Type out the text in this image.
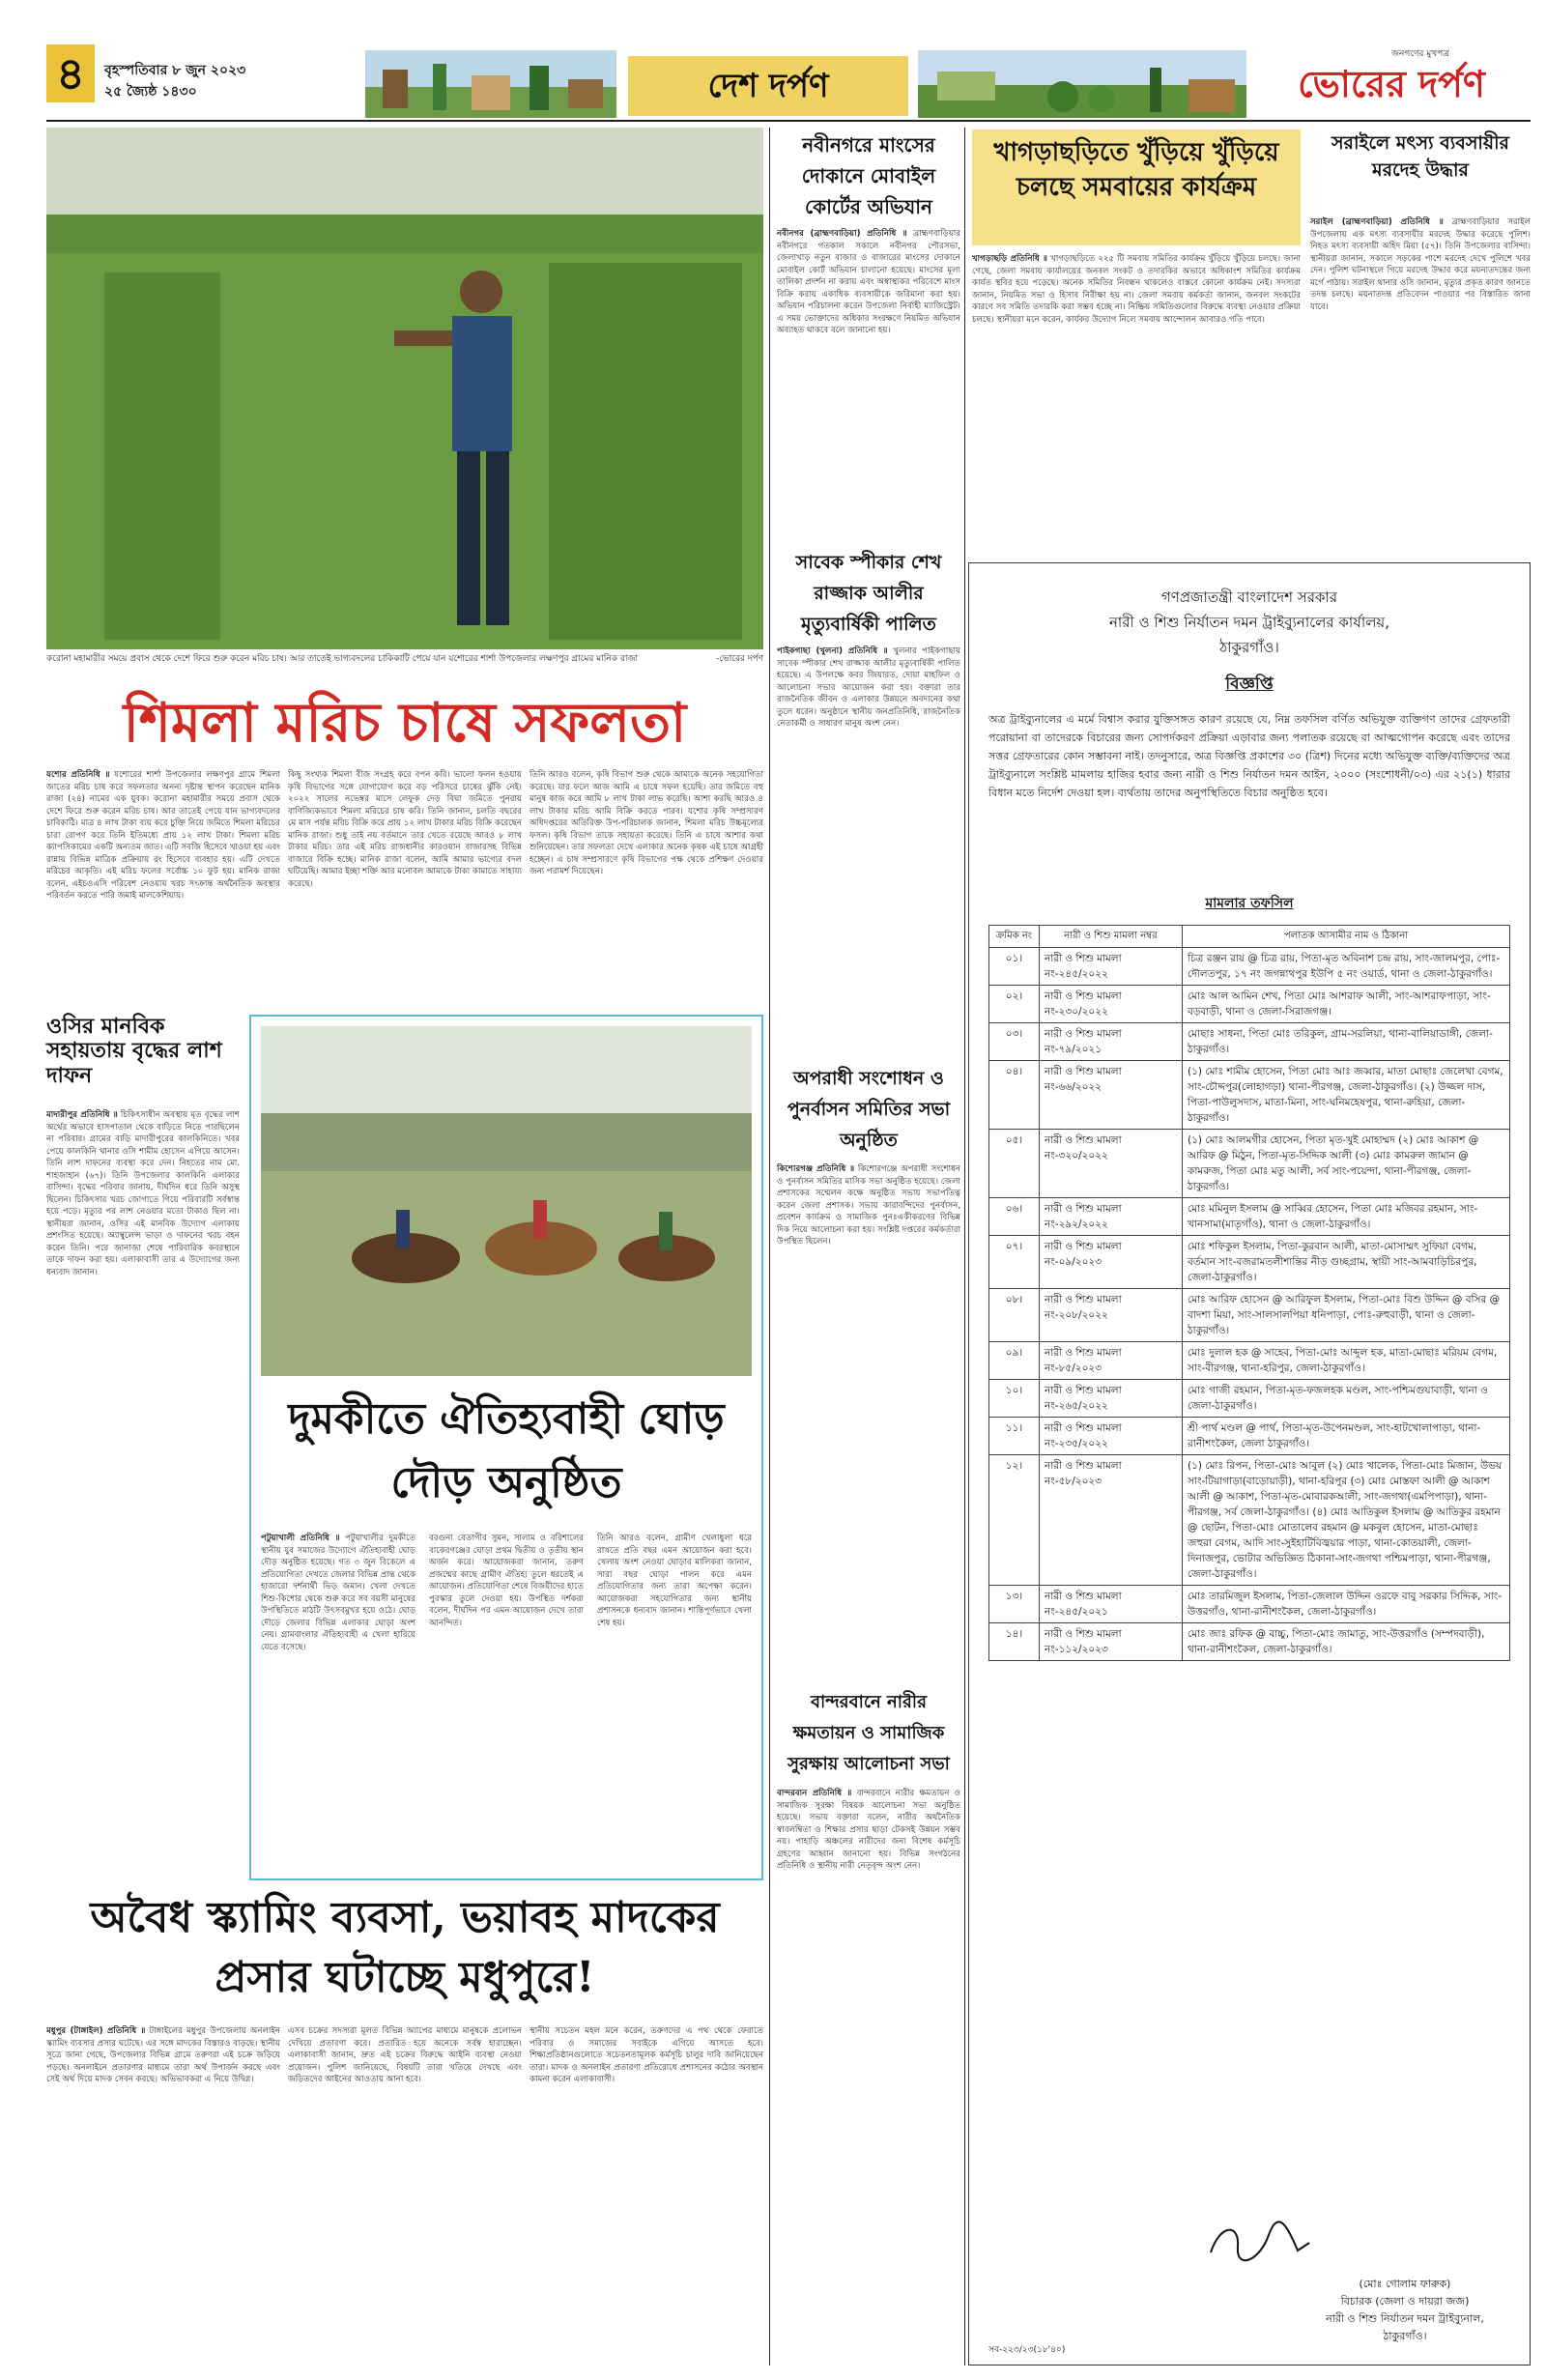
৪	বৃহস্পতিবার ৮ জুন ২০২৩
২৫ জ্যৈষ্ঠ ১৪৩০	দেশ দর্পণ
জনগণের মুখপত্র
ভোরের দর্পণ
করোনা মহামারীর সময়ে প্রবাস থেকে দেশে ফিরে শুরু করেন মরিচ চাষ। আর তাতেই ভাগ্যবদলের চাকিকাটি পেয়ে যান যশোরের শার্শা উপজেলার লক্ষণপুর গ্রামের মানিক রাজা	-ভোরের দর্পণ
শিমলা মরিচ চাষে সফলতা
যশোর প্রতিনিধি ॥ যশোরের শার্শা উপজেলার লক্ষণপুর গ্রামে শিমলা জাতের মরিচ চাষ করে সফলতার অনন্য দৃষ্টান্ত স্থাপন করেছেন মানিক রাজা (২৪) নামের এক যুবক। করোনা মহামারীর সময়ে প্রবাস থেকে দেশে ফিরে শুরু করেন মরিচ চাষ। আর তাতেই পেয়ে যান ভাগ্যবদলের চাবিকাঠি। মাত্র ৪ লাখ টাকা ব্যয় করে চুক্তি নিয়ে জমিতে শিমলা মরিচের চারা রোপণ করে তিনি ইতিমধ্যে প্রায় ১২ লাখ টাকা। শিমলা মরিচ ক্যাপসিকামের একটি অন্যতম জাত। এটি সবজি হিসেবে খাওয়া হয় এবং রান্নায় বিভিন্ন মাত্রিক প্রক্রিয়ায় রং হিসেবে ব্যবহার হয়। এটি দেখতে মরিচের আকৃতি। এই মরিচ ফলের সর্বোচ্চ ১০ ফুট হয়। মানিক রাজা বলেন, এইচওএসি পরিবেশ নেওয়ায় খরচ সংক্রান্ত অর্থনৈতিক অবস্থার পরিবর্তন করতে পারি জমাই মালকেশিয়ায়।
কিছু সংখ্যক শিমলা বীজ সংগ্রহ করে বপন করি। ভালো ফলন হওয়ায় কৃষি বিভাগের সঙ্গে যোগাযোগ করে বড় পরিসরে চাষের ঝুঁকি নেই। ২০২২ সালের নভেম্বর মাসে লেফুক দেড় বিঘা জমিতে পুনরায় বাণিজ্যিকভাবে শিমলা মরিচের চাষ করি। তিনি জানান, চলতি বছরের মে মাস পর্যন্ত মরিচ বিক্রি করে প্রায় ১২ লাখ টাকার মরিচ বিক্রি করেছেন মানিক রাজা। শুধু তাই নয় বর্তমানে তার খেতে রয়েছে আরও ৮ লাখ টাকার মরিচ। তার এই মরিচ রাজধানীর কারওয়ান বাজারসহ বিভিন্ন বাজারে বিক্রি হচ্ছে। মানিক রাজা বলেন, আমি আমার ভাগ্যের বদল ঘটিয়েছি। আমার ইচ্ছা শক্তি আর মনোবল আমাকে টাকা কামাতে সাহায্য করেছে।
তিনি আরও বলেন, কৃষি বিভাগ শুরু থেকে আমাকে অনেক সহযোগিতা করেছে। যার ফলে আজ আমি এ চাষে সফল হয়েছি। তার জমিতে বহু মানুষ কাজ করে আমি ৮ লাখ টাকা লাভ করেছি। আশা করছি আরও ৪ লাখ টাকার মরিচ আমি বিক্রি করতে পারব। যশোর কৃষি সম্প্রসারণ অধিদপ্তরের অতিরিক্ত উপ-পরিচালক জানান, শিমলা মরিচ উচ্চমূল্যের ফসল। কৃষি বিভাগ তাকে সহায়তা করেছে। তিনি এ চাষে আশার কথা শুনিয়েছেন। তার সফলতা দেখে এলাকার অনেক কৃষক এই চাষে আগ্রহী হচ্ছেন। এ চাষ সম্প্রসারণে কৃষি বিভাগের পক্ষ থেকে প্রশিক্ষণ দেওয়ার জন্য পরামর্শ দিয়েছেন।
ওসির মানবিক সহায়তায় বৃদ্ধের লাশ দাফন
মাদারীপুর প্রতিনিধি ॥ চিকিৎসাধীন অবস্থায় মৃত বৃদ্ধের লাশ অর্থের অভাবে হাসপাতাল থেকে বাড়িতে নিতে পারছিলেন না পরিবার। গ্রামের বাড়ি মাদারীপুরের কালকিনিতে। খবর পেয়ে কালকিনি থানার ওসি শামীম হোসেন এগিয়ে আসেন। তিনি লাশ দাফনের ব্যবস্থা করে দেন। নিহতের নাম মো. শাহজাহান (৬৭)। তিনি উপজেলার কালকিনি এলাকার বাসিন্দা। বৃদ্ধের পরিবার জানায়, দীর্ঘদিন ধরে তিনি অসুস্থ ছিলেন। চিকিৎসার খরচ জোগাতে গিয়ে পরিবারটি সর্বস্বান্ত হয়ে পড়ে। মৃত্যুর পর লাশ নেওয়ার মতো টাকাও ছিল না। স্থানীয়রা জানান, ওসির এই মানবিক উদ্যোগ এলাকায় প্রশংসিত হয়েছে। অ্যাম্বুলেন্স ভাড়া ও দাফনের খরচ বহন করেন তিনি। পরে জানাজা শেষে পারিবারিক কবরস্থানে তাকে দাফন করা হয়। এলাকাবাসী তার এ উদ্যোগের জন্য ধন্যবাদ জানান।
দুমকীতে ঐতিহ্যবাহী ঘোড় দৌড় অনুষ্ঠিত
পটুয়াখালী প্রতিনিধি ॥ পটুয়াখালীর দুমকীতে স্থানীয় যুব সমাজের উদ্যোগে ঐতিহ্যবাহী ঘোড় দৌড় অনুষ্ঠিত হয়েছে। গত ৩ জুন বিকেলে এ প্রতিযোগিতা দেখতে জেলার বিভিন্ন প্রান্ত থেকে হাজারো দর্শনার্থী ভিড় জমান। খেলা দেখতে শিশু-কিশোর থেকে শুরু করে সব বয়সী মানুষের উপস্থিতিতে মাঠটি উৎসবমুখর হয়ে ওঠে। ঘোড় দৌড়ে জেলার বিভিন্ন এলাকার ঘোড়া অংশ নেয়। গ্রামবাংলার ঐতিহ্যবাহী এ খেলা হারিয়ে যেতে বসেছে।
বরগুনা বেতাগীর সুমন, সালাম ও বরিশালের বাকেরগঞ্জের ঘোড়া প্রথম দ্বিতীয় ও তৃতীয় স্থান অর্জন করে। আয়োজকরা জানান, তরুণ প্রজন্মের কাছে গ্রামীণ ঐতিহ্য তুলে ধরতেই এ আয়োজন। প্রতিযোগিতা শেষে বিজয়ীদের হাতে পুরস্কার তুলে দেওয়া হয়। উপস্থিত দর্শকরা বলেন, দীর্ঘদিন পর এমন আয়োজন দেখে তারা আনন্দিত।
তিনি আরও বলেন, গ্রামীণ খেলাধুলা ধরে রাখতে প্রতি বছর এমন আয়োজন করা হবে। খেলায় অংশ নেওয়া ঘোড়ার মালিকরা জানান, সারা বছর ঘোড়া পালন করে এমন প্রতিযোগিতার জন্য তারা অপেক্ষা করেন। আয়োজকরা সহযোগিতার জন্য স্থানীয় প্রশাসনকে ধন্যবাদ জানান। শান্তিপূর্ণভাবে খেলা শেষ হয়।
অবৈধ স্ক্যামিং ব্যবসা, ভয়াবহ মাদকের প্রসার ঘটাচ্ছে মধুপুরে!
মধুপুর (টাঙ্গাইল) প্রতিনিধি ॥ টাঙ্গাইলের মধুপুর উপজেলায় অনলাইন স্ক্যামিং ব্যবসার প্রসার ঘটেছে। এর সঙ্গে মাদকের বিস্তারও বাড়ছে। স্থানীয় সূত্রে জানা গেছে, উপজেলার বিভিন্ন গ্রামে তরুণরা এই চক্রে জড়িয়ে পড়ছে। অনলাইনে প্রতারণার মাধ্যমে তারা অর্থ উপার্জন করছে এবং সেই অর্থ দিয়ে মাদক সেবন করছে। অভিভাবকরা এ নিয়ে উদ্বিগ্ন।
এসব চক্রের সদস্যরা মূলত বিভিন্ন অ্যাপের মাধ্যমে মানুষকে প্রলোভন দেখিয়ে প্রতারণা করে। প্রতারিত হয়ে অনেকে সর্বস্ব হারাচ্ছেন। এলাকাবাসী জানান, দ্রুত এই চক্রের বিরুদ্ধে আইনি ব্যবস্থা নেওয়া প্রয়োজন। পুলিশ জানিয়েছে, বিষয়টি তারা খতিয়ে দেখছে এবং জড়িতদের আইনের আওতায় আনা হবে।
স্থানীয় সচেতন মহল মনে করেন, তরুণদের এ পথ থেকে ফেরাতে পরিবার ও সমাজের সবাইকে এগিয়ে আসতে হবে। শিক্ষাপ্রতিষ্ঠানগুলোতে সচেতনতামূলক কর্মসূচি চালুর দাবি জানিয়েছেন তারা। মাদক ও অনলাইন প্রতারণা প্রতিরোধে প্রশাসনের কঠোর অবস্থান কামনা করেন এলাকাবাসী।
নবীনগরে মাংসের দোকানে মোবাইল কোর্টের অভিযান
নবীনগর (ব্রাহ্মণবাড়িয়া) প্রতিনিধি ॥ ব্রাহ্মণবাড়িয়ার নবীনগরে গতকাল সকালে নবীনগর পৌরসভা, জেলাখাড় নতুন বাজার ও বাজারের মাংসের দোকানে মোবাইল কোর্ট অভিযান চালানো হয়েছে। মাংসের মূল্য তালিকা প্রদর্শন না করায় এবং অস্বাস্থ্যকর পরিবেশে মাংস বিক্রি করায় একাধিক ব্যবসায়ীকে জরিমানা করা হয়। অভিযান পরিচালনা করেন উপজেলা নির্বাহী ম্যাজিস্ট্রেট। এ সময় ভোক্তাদের অধিকার সংরক্ষণে নিয়মিত অভিযান অব্যাহত থাকবে বলে জানানো হয়।
সাবেক স্পীকার শেখ রাজ্জাক আলীর মৃত্যুবার্ষিকী পালিত
পাইকগাছা (খুলনা) প্রতিনিধি ॥ খুলনার পাইকগাছায় সাবেক স্পীকার শেখ রাজ্জাক আলীর মৃত্যুবার্ষিকী পালিত হয়েছে। এ উপলক্ষে কবর জিয়ারত, দোয়া মাহফিল ও আলোচনা সভার আয়োজন করা হয়। বক্তারা তার রাজনৈতিক জীবন ও এলাকার উন্নয়নে অবদানের কথা তুলে ধরেন। অনুষ্ঠানে স্থানীয় জনপ্রতিনিধি, রাজনৈতিক নেতাকর্মী ও সাধারণ মানুষ অংশ নেন।
অপরাধী সংশোধন ও পুনর্বাসন সমিতির সভা অনুষ্ঠিত
কিশোরগঞ্জ প্রতিনিধি ॥ কিশোরগঞ্জে অপরাধী সংশোধন ও পুনর্বাসন সমিতির মাসিক সভা অনুষ্ঠিত হয়েছে। জেলা প্রশাসকের সম্মেলন কক্ষে অনুষ্ঠিত সভায় সভাপতিত্ব করেন জেলা প্রশাসক। সভায় কারাবন্দিদের পুনর্বাসন, প্রবেশন কার্যক্রম ও সামাজিক পুনঃএকীকরণের বিভিন্ন দিক নিয়ে আলোচনা করা হয়। সংশ্লিষ্ট দপ্তরের কর্মকর্তারা উপস্থিত ছিলেন।
বান্দরবানে নারীর ক্ষমতায়ন ও সামাজিক সুরক্ষায় আলোচনা সভা
বান্দরবান প্রতিনিধি ॥ বান্দরবানে নারীর ক্ষমতায়ন ও সামাজিক সুরক্ষা বিষয়ক আলোচনা সভা অনুষ্ঠিত হয়েছে। সভায় বক্তারা বলেন, নারীর অর্থনৈতিক স্বাবলম্বিতা ও শিক্ষার প্রসার ছাড়া টেকসই উন্নয়ন সম্ভব নয়। পাহাড়ি অঞ্চলের নারীদের জন্য বিশেষ কর্মসূচি গ্রহণের আহ্বান জানানো হয়। বিভিন্ন সংগঠনের প্রতিনিধি ও স্থানীয় নারী নেতৃবৃন্দ অংশ নেন।
খাগড়াছড়িতে খুঁড়িয়ে খুঁড়িয়ে চলছে সমবায়ের কার্যক্রম
খাগড়াছড়ি প্রতিনিধি ॥ খাগড়াছড়িতে ২২৫ টি সমবায় সমিতির কার্যক্রম খুঁড়িয়ে খুঁড়িয়ে চলছে। জানা গেছে, জেলা সমবায় কার্যালয়ের জনবল সংকট ও তদারকির অভাবে অধিকাংশ সমিতির কার্যক্রম কার্যত স্থবির হয়ে পড়েছে। অনেক সমিতির নিবন্ধন থাকলেও বাস্তবে কোনো কার্যক্রম নেই। সদস্যরা জানান, নিয়মিত সভা ও হিসাব নিরীক্ষা হয় না। জেলা সমবায় কর্মকর্তা জানান, জনবল সংকটের কারণে সব সমিতি তদারকি করা সম্ভব হচ্ছে না। নিষ্ক্রিয় সমিতিগুলোর বিরুদ্ধে ব্যবস্থা নেওয়ার প্রক্রিয়া চলছে। স্থানীয়রা মনে করেন, কার্যকর উদ্যোগ নিলে সমবায় আন্দোলন আবারও গতি পাবে।
সরাইলে মৎস্য ব্যবসায়ীর মরদেহ উদ্ধার
সরাইল (ব্রাহ্মণবাড়িয়া) প্রতিনিধি ॥ ব্রাহ্মণবাড়িয়ার সরাইল উপজেলায় এক মৎস্য ব্যবসায়ীর মরদেহ উদ্ধার করেছে পুলিশ। নিহত মৎস্য ব্যবসায়ী অহিদ মিয়া (৫৭)। তিনি উপজেলার বাসিন্দা। স্থানীয়রা জানান, সকালে সড়কের পাশে মরদেহ দেখে পুলিশে খবর দেন। পুলিশ ঘটনাস্থলে গিয়ে মরদেহ উদ্ধার করে ময়নাতদন্তের জন্য মর্গে পাঠায়। সরাইল থানার ওসি জানান, মৃত্যুর প্রকৃত কারণ জানতে তদন্ত চলছে। ময়নাতদন্ত প্রতিবেদন পাওয়ার পর বিস্তারিত জানা যাবে।
গণপ্রজাতন্ত্রী বাংলাদেশ সরকার
নারী ও শিশু নির্যাতন দমন ট্রাইব্যুনালের কার্যালয়,
ঠাকুরগাঁও।
বিজ্ঞপ্তি
অত্র ট্রাইব্যুনালের এ মর্মে বিশ্বাস করার যুক্তিসঙ্গত কারণ রয়েছে যে, নিম্ন তফসিল বর্ণিত অভিযুক্ত ব্যক্তিগণ তাদের গ্রেফতারী পরোয়ানা বা তাদেরকে বিচারের জন্য সোপর্দকরণ প্রক্রিয়া এড়াবার জন্য পলাতক রয়েছে বা আত্মগোপন করেছে এবং তাদের সত্তর গ্রেফতারের কোন সম্ভাবনা নাই। তদনুসারে, অত্র বিজ্ঞপ্তি প্রকাশের ৩০ (ত্রিশ) দিনের মধ্যে অভিযুক্ত ব্যক্তি/ব্যক্তিদের অত্র ট্রাইব্যুনালে সংশ্লিষ্ট মামলায় হাজির হবার জন্য নারী ও শিশু নির্যাতন দমন আইন, ২০০০ (সংশোধনী/০৩) এর ২১(১) ধারার বিধান মতে নির্দেশ দেওয়া হল। ব্যর্থতায় তাদের অনুপস্থিতিতে বিচার অনুষ্ঠিত হবে।
মামলার তফসিল
ক্রমিক নং	নারী ও শিশু মামলা নম্বর	পলাতক আসামীর নাম ও ঠিকানা
০১।	নারী ও শিশু মামলা নং-২৪৫/২০২২	চিত্র রঞ্জন রায় @ চিত্র রায়, পিতা-মৃত অবিনাশ চন্দ্র রায়, সাং-জালমপুর, পোঃ-দৌলতপুর, ১৭ নং জগন্নাথপুর ইউপি ৫ নং ওয়ার্ড, থানা ও জেলা-ঠাকুরগাঁও।
০২।	নারী ও শিশু মামলা নং-২৩০/২০২২	মোঃ আল আমিন শেখ, পিতা মোঃ আশরাফ আলী, সাং-আশরাফপাড়া, সাং-বড়বাড়ী, থানা ও জেলা-সিরাজগঞ্জ।
০৩।	নারী ও শিশু মামলা নং-৭৯/২০২১	মোছাঃ সাধনা, পিতা মোঃ তরিকুল, গ্রাম-সরলিয়া, থানা-বালিয়াডাঙ্গী, জেলা-ঠাকুরগাঁও।
০৪।	নারী ও শিশু মামলা নং-৬৬/২০২২	(১) মোঃ শামীম হোসেন, পিতা মোঃ আঃ জব্বার, মাতা মোছাঃ জেলেখা বেগম, সাং-চৌদ্দপুর(লোহাগড়া) থানা-পীরগঞ্জ, জেলা-ঠাকুরগাঁও। (২) উজ্জল দাস, পিতা-পাউলুসদাস, মাতা-মিনা, সাং-ঘনিমহেষপুর, থানা-রুহিয়া, জেলা-ঠাকুরগাঁও।
০৫।	নারী ও শিশু মামলা নং-৩২০/২০২২	(১) মোঃ আলমগীর হোসেন, পিতা মৃত-খুই মোহাম্মদ (২) মোঃ আকাশ @ আরিফ @ মিঠুন, পিতা-মৃত-সিদ্দিক আলী (৩) মোঃ কামরুল জামান @ কামরুজ, পিতা মোঃ মতু আলী, সর্ব সাং-পয়েন্দা, থানা-পীরগঞ্জ, জেলা-ঠাকুরগাঁও।
০৬।	নারী ও শিশু মামলা নং-২৯২/২০২২	মোঃ মমিনুল ইসলাম @ সাব্বির হোসেন, পিতা মোঃ মজিবর রহমান, সাং-খানসামা(মাতৃগাঁও), থানা ও জেলা-ঠাকুরগাঁও।
০৭।	নারী ও শিশু মামলা নং-০৯/২০২৩	মোঃ শফিকুল ইসলাম, পিতা-কুরবান আলী, মাতা-মোসাম্মৎ সুফিয়া বেগম, বর্তমান সাং-বজরামতলীশান্তির নীড় গুচ্ছগ্রাম, স্থায়ী সাং-আমবাড়িচিরপুর, জেলা-ঠাকুরগাঁও।
০৮।	নারী ও শিশু মামলা নং-২০৮/২০২২	মোঃ আরিফ হোসেন @ আরিফুল ইসলাম, পিতা-মোঃ বিশু উদ্দিন @ বসির @ বাদশা মিয়া, সাং-সালসালপিয়া ধনিপাড়া, পোঃ-রুহুবাড়ী, থানা ও জেলা-ঠাকুরগাঁও।
০৯।	নারী ও শিশু মামলা নং-৮৫/২০২৩	মোঃ দুলাল হক @ সাহেব, পিতা-মোঃ আব্দুল হক, মাতা-মোছাঃ মরিয়ম বেগম, সাং-বীরগঞ্জ, থানা-হরিপুর, জেলা-ঠাকুরগাঁও।
১০।	নারী ও শিশু মামলা নং-২৬৫/২০২২	মোঃ গাজী রহমান, পিতা-মৃত-ফজলহক মণ্ডল, সাং-পশ্চিমগুয়াবাড়ী, থানা ও জেলা-ঠাকুরগাঁও।
১১।	নারী ও শিশু মামলা নং-২৩৫/২০২২	শ্রী পার্থ মণ্ডল @ পার্থ, পিতা-মৃত-উপেনমণ্ডল, সাং-হাটখোলাপাড়া, থানা-রানীশংকৈল, জেলা ঠাকুরগাঁও।
১২।	নারী ও শিশু মামলা নং-৫৮/২০২৩	(১) মোঃ রিপন, পিতা-মোঃ আবুল (২) মোঃ খালেক, পিতা-মোঃ মিজান, উভয় সাং-টিয়াগাড়া(বাড়োয়াড়ী), থানা-হরিপুর (৩) মোঃ মোস্তফা আলী @ আকাশ আলী @ আকাশ, পিতা-মৃত-মোবারকআলী, সাং-জগথা(এমপিপাড়া), থানা-পীরগঞ্জ, সর্ব জেলা-ঠাকুরগাঁও। (৪) মোঃ আতিকুল ইসলাম @ আতিকুর রহমান @ ছোটন, পিতা-মোঃ মোতালেব রহমান @ মকবুল হোসেন, মাতা-মোছাঃ জহুরা বেগম, আদি সাং-সুইহাটিবিজ্বয়ার পাড়া, থানা-কোতয়ালী, জেলা-দিনাজপুর, ভোটার অভিজ্ঞিত ঠিকানা-সাং-জগথা পশ্চিমপাড়া, থানা-পীরগঞ্জ, জেলা-ঠাকুরগাঁও।
১৩।	নারী ও শিশু মামলা নং-২৪৫/২০২১	মোঃ তারমিজুল ইসলাম, পিতা-জেলাল উদ্দিন ওরফে বাবু সরকার সিদ্দিক, সাং-উত্তরগাঁও, থানা-রানীশংকৈল, জেলা-ঠাকুরগাঁও।
১৪।	নারী ও শিশু মামলা নং-১১২/২০২৩	মোঃ জাঃ রফিক @ বাচ্চু, পিতা-মোঃ জামাতু, সাং-উত্তরগাঁও (সম্পদবাড়ী), থানা-রানীশংকৈল, জেলা-ঠাকুরগাঁও।
(মোঃ গোলাম ফারুক)
বিচারক (জেলা ও দায়রা জজ)
নারী ও শিশু নির্যাতন দমন ট্রাইব্যুনাল,
ঠাকুরগাঁও।
সব-২২৩/২৩(১৮'৪০)
